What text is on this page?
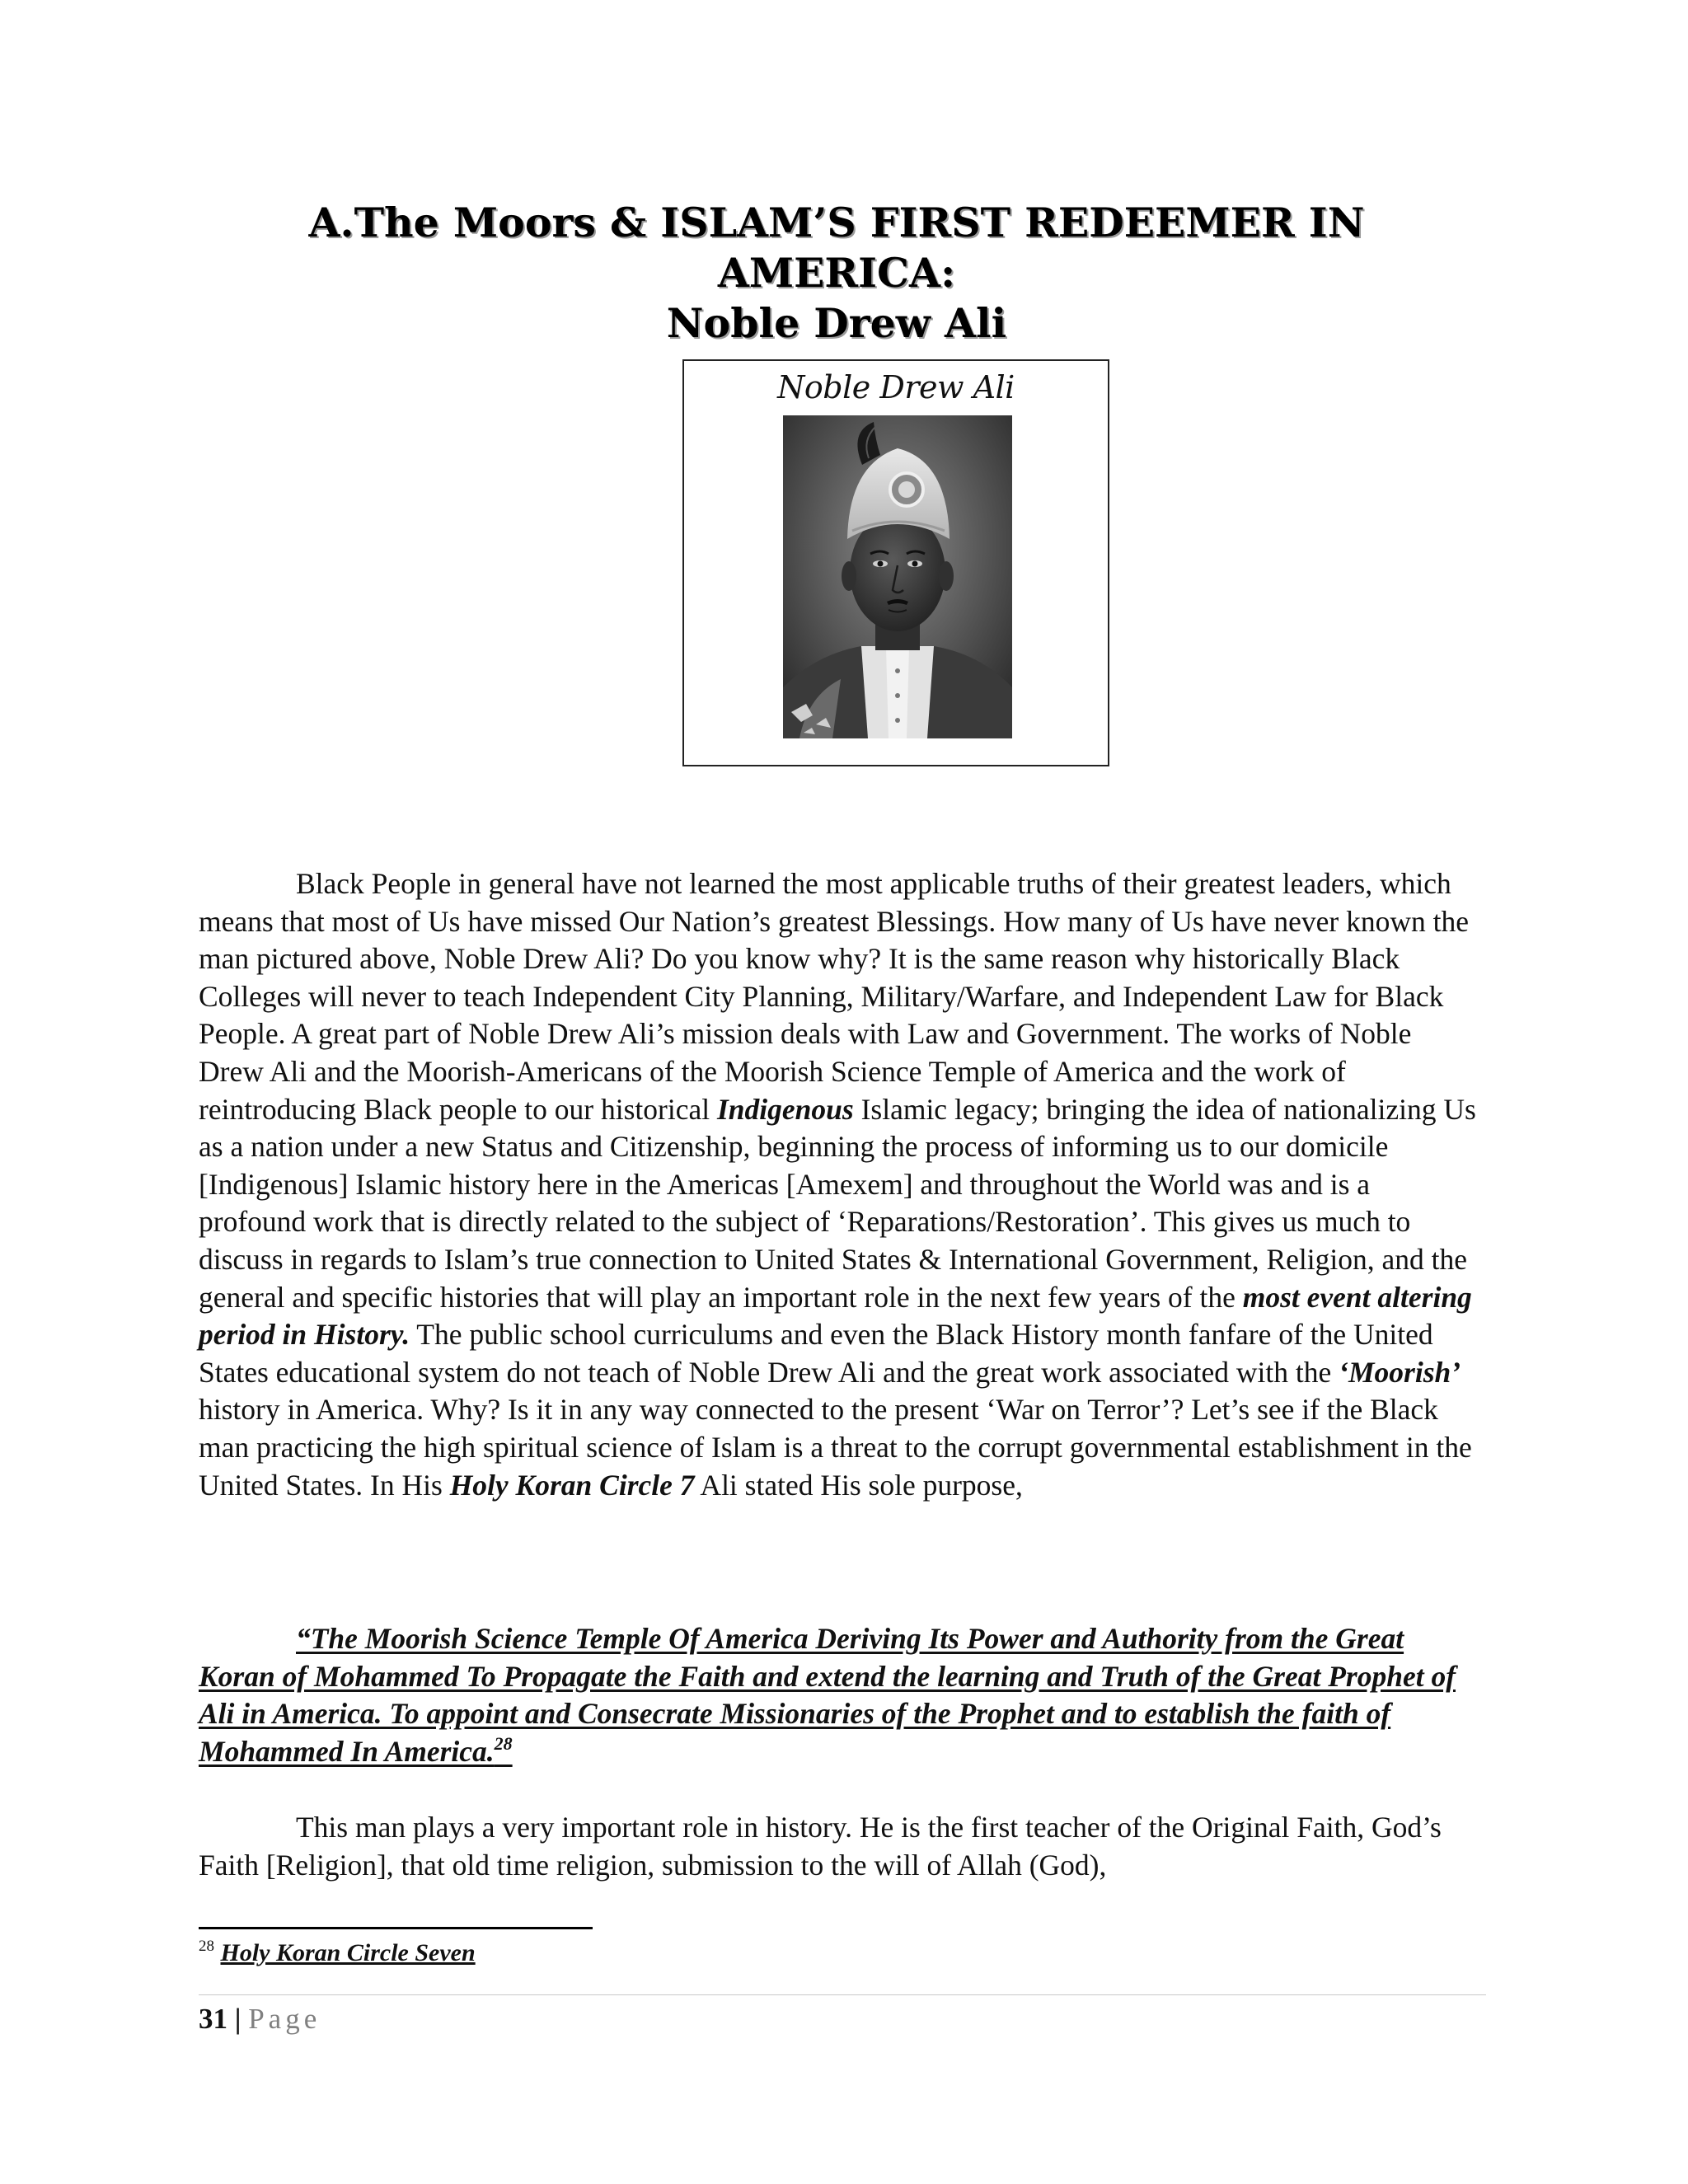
A.The Moors & ISLAM’S FIRST REDEEMER IN
AMERICA:
Noble Drew Ali
Noble Drew Ali
Black People in general have not learned the most applicable truths of their greatest leaders, which means that most of Us have missed Our Nation’s greatest Blessings. How many of Us have never known the man pictured above, Noble Drew Ali? Do you know why? It is the same reason why historically Black Colleges will never to teach Independent City Planning, Military/Warfare, and Independent Law for Black People. A great part of Noble Drew Ali’s mission deals with Law and Government. The works of Noble Drew Ali and the Moorish-Americans of the Moorish Science Temple of America and the work of reintroducing Black people to our historical Indigenous Islamic legacy; bringing the idea of nationalizing Us as a nation under a new Status and Citizenship, beginning the process of informing us to our domicile [Indigenous] Islamic history here in the Americas [Amexem] and throughout the World was and is a profound work that is directly related to the subject of ‘Reparations/Restoration’. This gives us much to discuss in regards to Islam’s true connection to United States & International Government, Religion, and the general and specific histories that will play an important role in the next few years of the most event altering period in History. The public school curriculums and even the Black History month fanfare of the United States educational system do not teach of Noble Drew Ali and the great work associated with the ‘Moorish’ history in America. Why? Is it in any way connected to the present ‘War on Terror’? Let’s see if the Black man practicing the high spiritual science of Islam is a threat to the corrupt governmental establishment in the United States. In His Holy Koran Circle 7 Ali stated His sole purpose,
“The Moorish Science Temple Of America Deriving Its Power and Authority from the Great Koran of Mohammed To Propagate the Faith and extend the learning and Truth of the Great Prophet of Ali in America. To appoint and Consecrate Missionaries of the Prophet and to establish the faith of Mohammed In America.$^{28}$
This man plays a very important role in history. He is the first teacher of the Original Faith, God’s Faith [Religion], that old time religion, submission to the will of Allah (God),
$^{28}$ Holy Koran Circle Seven
31 | Page
